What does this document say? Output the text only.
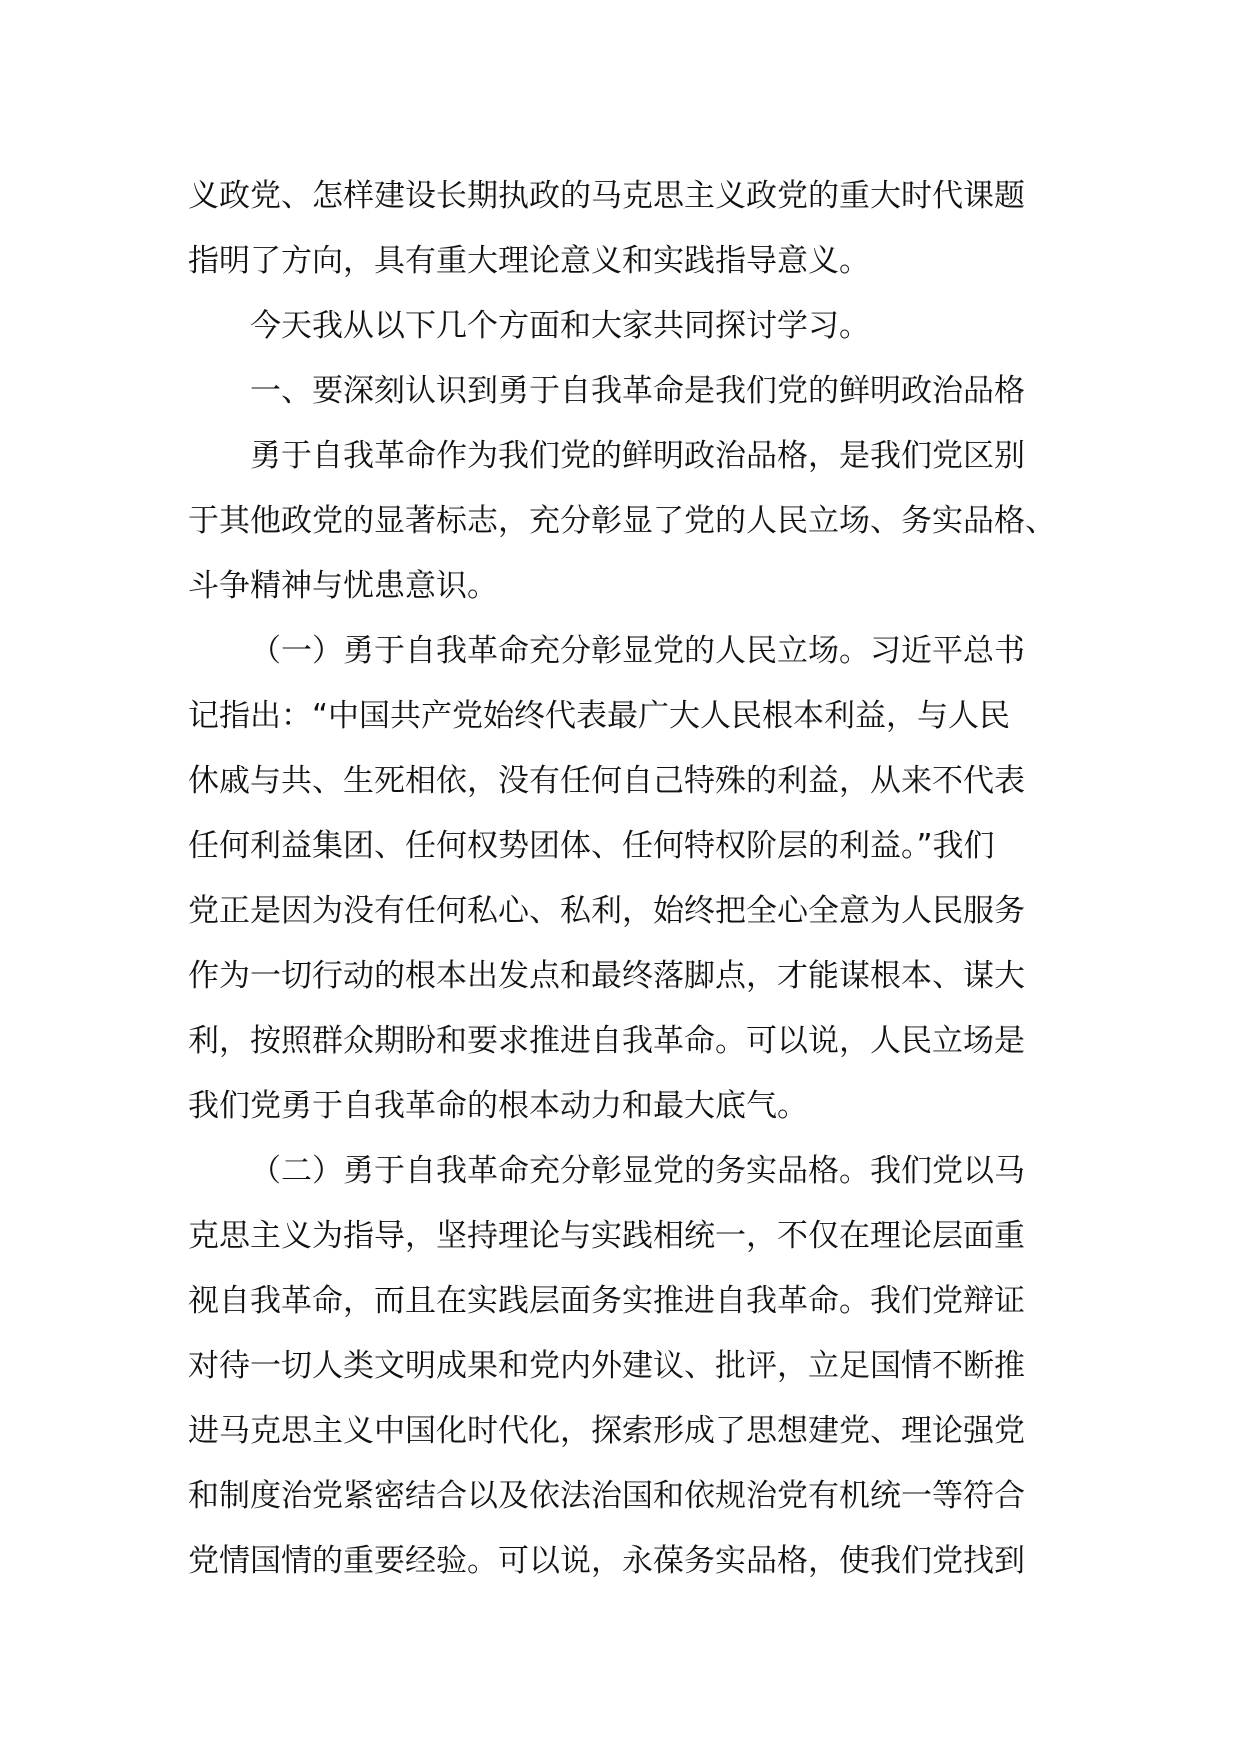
义政党、怎样建设长期执政的马克思主义政党的重大时代课题
指明了方向，具有重大理论意义和实践指导意义。
今天我从以下几个方面和大家共同探讨学习。
一、要深刻认识到勇于自我革命是我们党的鲜明政治品格
勇于自我革命作为我们党的鲜明政治品格，是我们党区别
于其他政党的显著标志，充分彰显了党的人民立场、务实品格、
斗争精神与忧患意识。
（一）勇于自我革命充分彰显党的人民立场。习近平总书
记指出：“中国共产党始终代表最广大人民根本利益，与人民
休戚与共、生死相依，没有任何自己特殊的利益，从来不代表
任何利益集团、任何权势团体、任何特权阶层的利益。”我们
党正是因为没有任何私心、私利，始终把全心全意为人民服务
作为一切行动的根本出发点和最终落脚点，才能谋根本、谋大
利，按照群众期盼和要求推进自我革命。可以说，人民立场是
我们党勇于自我革命的根本动力和最大底气。
（二）勇于自我革命充分彰显党的务实品格。我们党以马
克思主义为指导，坚持理论与实践相统一，不仅在理论层面重
视自我革命，而且在实践层面务实推进自我革命。我们党辩证
对待一切人类文明成果和党内外建议、批评，立足国情不断推
进马克思主义中国化时代化，探索形成了思想建党、理论强党
和制度治党紧密结合以及依法治国和依规治党有机统一等符合
党情国情的重要经验。可以说，永葆务实品格，使我们党找到
